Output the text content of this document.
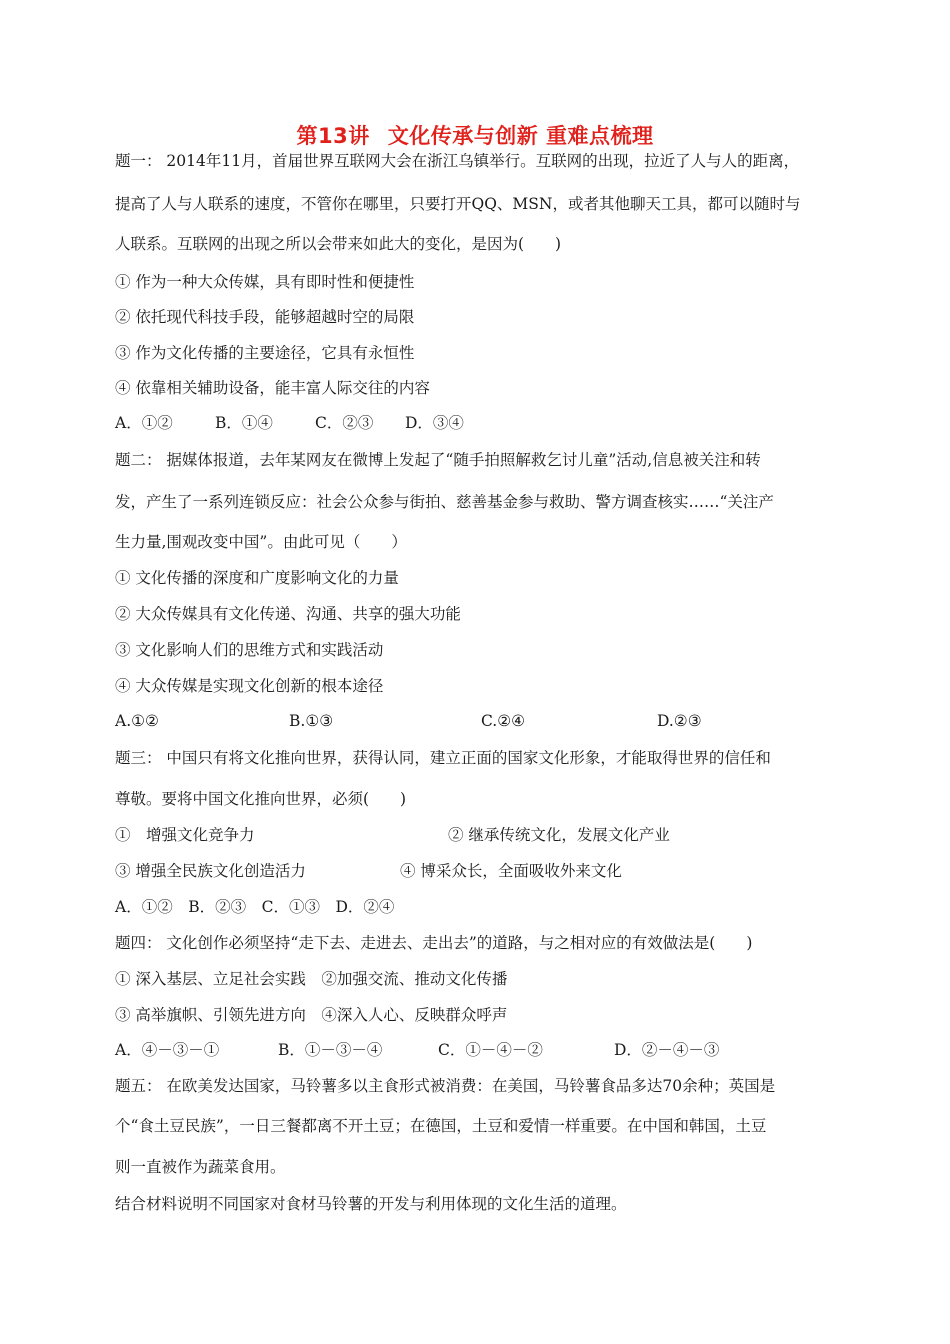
第13讲 文化传承与创新 重难点梳理
题一： 2014年11月，首届世界互联网大会在浙江乌镇举行。互联网的出现，拉近了人与人的距离，
提高了人与人联系的速度，不管你在哪里，只要打开QQ、MSN，或者其他聊天工具，都可以随时与
人联系。互联网的出现之所以会带来如此大的变化，是因为(　　)
① 作为一种大众传媒，具有即时性和便捷性
② 依托现代科技手段，能够超越时空的局限
③ 作为文化传播的主要途径，它具有永恒性
④ 依靠相关辅助设备，能丰富人际交往的内容
A．①②	B．①④	C．②③ D．③④
题二： 据媒体报道，去年某网友在微博上发起了“随手拍照解救乞讨儿童”活动,信息被关注和转
发，产生了一系列连锁反应：社会公众参与街拍、慈善基金参与救助、警方调查核实……“关注产
生力量,围观改变中国”。由此可见（　　）
① 文化传播的深度和广度影响文化的力量
② 大众传媒具有文化传递、沟通、共享的强大功能
③ 文化影响人们的思维方式和实践活动
④ 大众传媒是实现文化创新的根本途径
A.①②	B.①③	C.②④	D.②③
题三： 中国只有将文化推向世界，获得认同，建立正面的国家文化形象，才能取得世界的信任和
尊敬。要将中国文化推向世界，必须(　　)
①　增强文化竞争力	② 继承传统文化，发展文化产业
③ 增强全民族文化创造活力	④ 博采众长，全面吸收外来文化
A．①②　B．②③　C．①③　D．②④
题四： 文化创作必须坚持“走下去、走进去、走出去”的道路，与之相对应的有效做法是(　　)
① 深入基层、立足社会实践　②加强交流、推动文化传播
③ 高举旗帜、引领先进方向　④深入人心、反映群众呼声
A．④－③－①	B．①－③－④	C．①－④－②	D．②－④－③
题五： 在欧美发达国家，马铃薯多以主食形式被消费：在美国，马铃薯食品多达70余种；英国是
个“食土豆民族”，一日三餐都离不开土豆；在德国，土豆和爱情一样重要。在中国和韩国，土豆
则一直被作为蔬菜食用。
结合材料说明不同国家对食材马铃薯的开发与利用体现的文化生活的道理。
